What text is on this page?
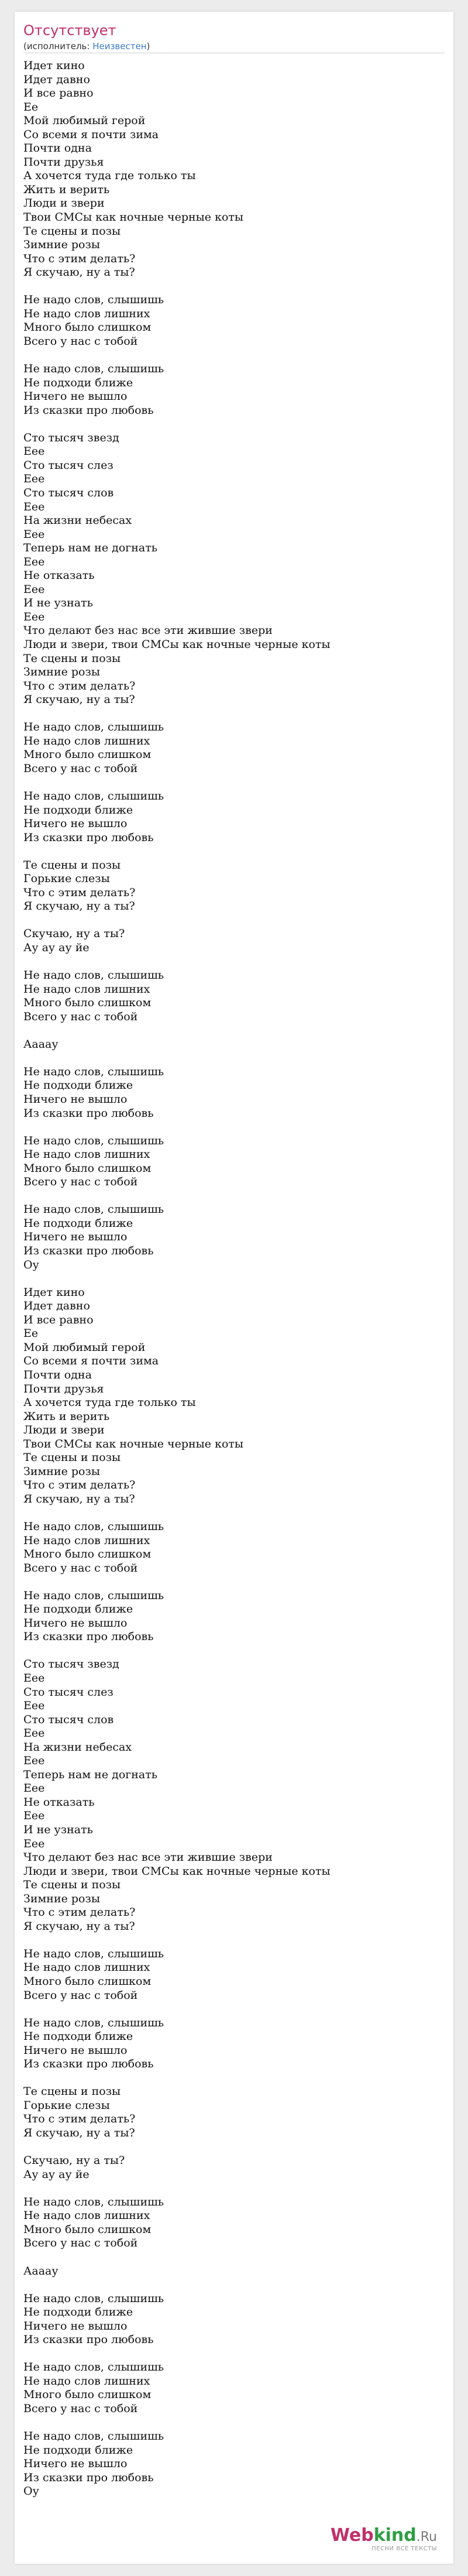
Отсутствует
(исполнитель: Неизвестен)
Идет кино
Идет давно
И все равно
Ее
Мой любимый герой
Со всеми я почти зима
Почти одна
Почти друзья
А хочется туда где только ты
Жить и верить
Люди и звери
Твои СМСы как ночные черные коты
Те сцены и позы
Зимние розы
Что с этим делать?
Я скучаю, ну а ты?

Не надо слов, слышишь
Не надо слов лишних
Много было слишком
Всего у нас с тобой

Не надо слов, слышишь
Не подходи ближе
Ничего не вышло
Из сказки про любовь

Сто тысяч звезд
Еее
Сто тысяч слез
Еее
Сто тысяч слов
Еее
На жизни небесах
Еее
Теперь нам не догнать
Еее
Не отказать
Еее
И не узнать
Еее
Что делают без нас все эти жившие звери
Люди и звери, твои СМСы как ночные черные коты
Те сцены и позы
Зимние розы
Что с этим делать?
Я скучаю, ну а ты?

Не надо слов, слышишь
Не надо слов лишних
Много было слишком
Всего у нас с тобой

Не надо слов, слышишь
Не подходи ближе
Ничего не вышло
Из сказки про любовь

Те сцены и позы
Горькие слезы
Что с этим делать?
Я скучаю, ну а ты?

Скучаю, ну а ты?
Ау ау ау йе

Не надо слов, слышишь
Не надо слов лишних
Много было слишком
Всего у нас с тобой

Аааау

Не надо слов, слышишь
Не подходи ближе
Ничего не вышло
Из сказки про любовь

Не надо слов, слышишь
Не надо слов лишних
Много было слишком
Всего у нас с тобой

Не надо слов, слышишь
Не подходи ближе
Ничего не вышло
Из сказки про любовь
Оу

Идет кино
Идет давно
И все равно
Ее
Мой любимый герой
Со всеми я почти зима
Почти одна
Почти друзья
А хочется туда где только ты
Жить и верить
Люди и звери
Твои СМСы как ночные черные коты
Те сцены и позы
Зимние розы
Что с этим делать?
Я скучаю, ну а ты?

Не надо слов, слышишь
Не надо слов лишних
Много было слишком
Всего у нас с тобой

Не надо слов, слышишь
Не подходи ближе
Ничего не вышло
Из сказки про любовь

Сто тысяч звезд
Еее
Сто тысяч слез
Еее
Сто тысяч слов
Еее
На жизни небесах
Еее
Теперь нам не догнать
Еее
Не отказать
Еее
И не узнать
Еее
Что делают без нас все эти жившие звери
Люди и звери, твои СМСы как ночные черные коты
Те сцены и позы
Зимние розы
Что с этим делать?
Я скучаю, ну а ты?

Не надо слов, слышишь
Не надо слов лишних
Много было слишком
Всего у нас с тобой

Не надо слов, слышишь
Не подходи ближе
Ничего не вышло
Из сказки про любовь

Те сцены и позы
Горькие слезы
Что с этим делать?
Я скучаю, ну а ты?

Скучаю, ну а ты?
Ау ау ау йе

Не надо слов, слышишь
Не надо слов лишних
Много было слишком
Всего у нас с тобой

Аааау

Не надо слов, слышишь
Не подходи ближе
Ничего не вышло
Из сказки про любовь

Не надо слов, слышишь
Не надо слов лишних
Много было слишком
Всего у нас с тобой

Не надо слов, слышишь
Не подходи ближе
Ничего не вышло
Из сказки про любовь
Оу
Webkind.Ru
ПЕСНИ ВСЕ ТЕКСТЫ
